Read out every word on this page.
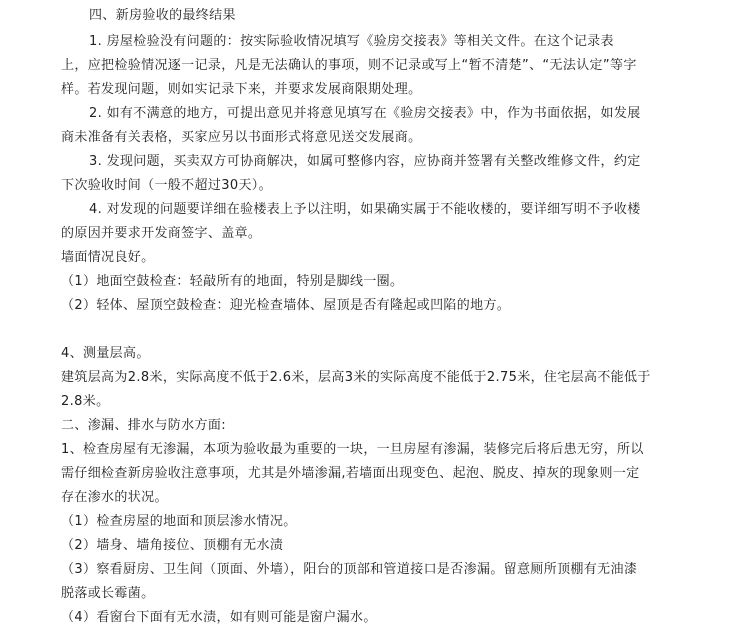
四、新房验收的最终结果
1. 房屋检验没有问题的：按实际验收情况填写《验房交接表》等相关文件。在这个记录表
上，应把检验情况逐一记录，凡是无法确认的事项，则不记录或写上“暂不清楚”、“无法认定”等字
样。若发现问题，则如实记录下来，并要求发展商限期处理。
2. 如有不满意的地方，可提出意见并将意见填写在《验房交接表》中，作为书面依据，如发展
商未准备有关表格，买家应另以书面形式将意见送交发展商。
3. 发现问题，买卖双方可协商解决，如属可整修内容，应协商并签署有关整改维修文件，约定
下次验收时间（一般不超过30天）。
4. 对发现的问题要详细在验楼表上予以注明，如果确实属于不能收楼的，要详细写明不予收楼
的原因并要求开发商签字、盖章。
墙面情况良好。
（1）地面空鼓检查：轻敲所有的地面，特别是脚线一圈。
（2）轻体、屋顶空鼓检查：迎光检查墙体、屋顶是否有隆起或凹陷的地方。
4、测量层高。
建筑层高为2.8米，实际高度不低于2.6米，层高3米的实际高度不能低于2.75米，住宅层高不能低于
2.8米。
二、渗漏、排水与防水方面:
1、检查房屋有无渗漏，本项为验收最为重要的一块，一旦房屋有渗漏，装修完后将后患无穷，所以
需仔细检查新房验收注意事项，尤其是外墙渗漏,若墙面出现变色、起泡、脱皮、掉灰的现象则一定
存在渗水的状况。
（1）检查房屋的地面和顶层渗水情况。
（2）墙身、墙角接位、顶棚有无水渍
（3）察看厨房、卫生间（顶面、外墙），阳台的顶部和管道接口是否渗漏。留意厕所顶棚有无油漆
脱落或长霉菌。
（4）看窗台下面有无水渍，如有则可能是窗户漏水。
